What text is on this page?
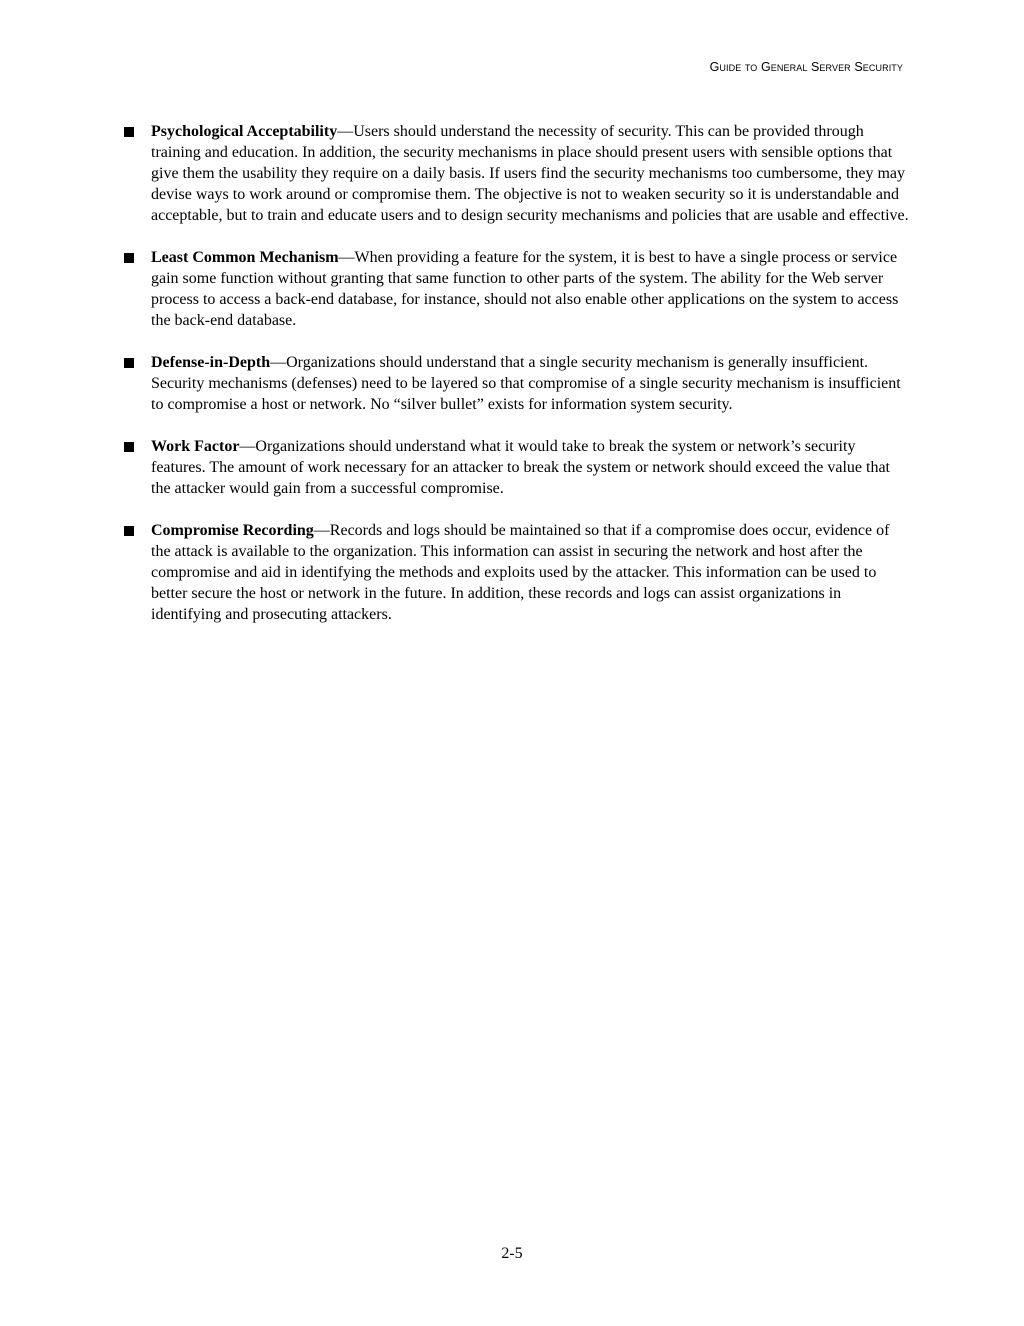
Guide to General Server Security
Psychological Acceptability—Users should understand the necessity of security. This can be provided through training and education. In addition, the security mechanisms in place should present users with sensible options that give them the usability they require on a daily basis. If users find the security mechanisms too cumbersome, they may devise ways to work around or compromise them. The objective is not to weaken security so it is understandable and acceptable, but to train and educate users and to design security mechanisms and policies that are usable and effective.
Least Common Mechanism—When providing a feature for the system, it is best to have a single process or service gain some function without granting that same function to other parts of the system. The ability for the Web server process to access a back-end database, for instance, should not also enable other applications on the system to access the back-end database.
Defense-in-Depth—Organizations should understand that a single security mechanism is generally insufficient. Security mechanisms (defenses) need to be layered so that compromise of a single security mechanism is insufficient to compromise a host or network. No “silver bullet” exists for information system security.
Work Factor—Organizations should understand what it would take to break the system or network’s security features. The amount of work necessary for an attacker to break the system or network should exceed the value that the attacker would gain from a successful compromise.
Compromise Recording—Records and logs should be maintained so that if a compromise does occur, evidence of the attack is available to the organization. This information can assist in securing the network and host after the compromise and aid in identifying the methods and exploits used by the attacker. This information can be used to better secure the host or network in the future. In addition, these records and logs can assist organizations in identifying and prosecuting attackers.
2-5
